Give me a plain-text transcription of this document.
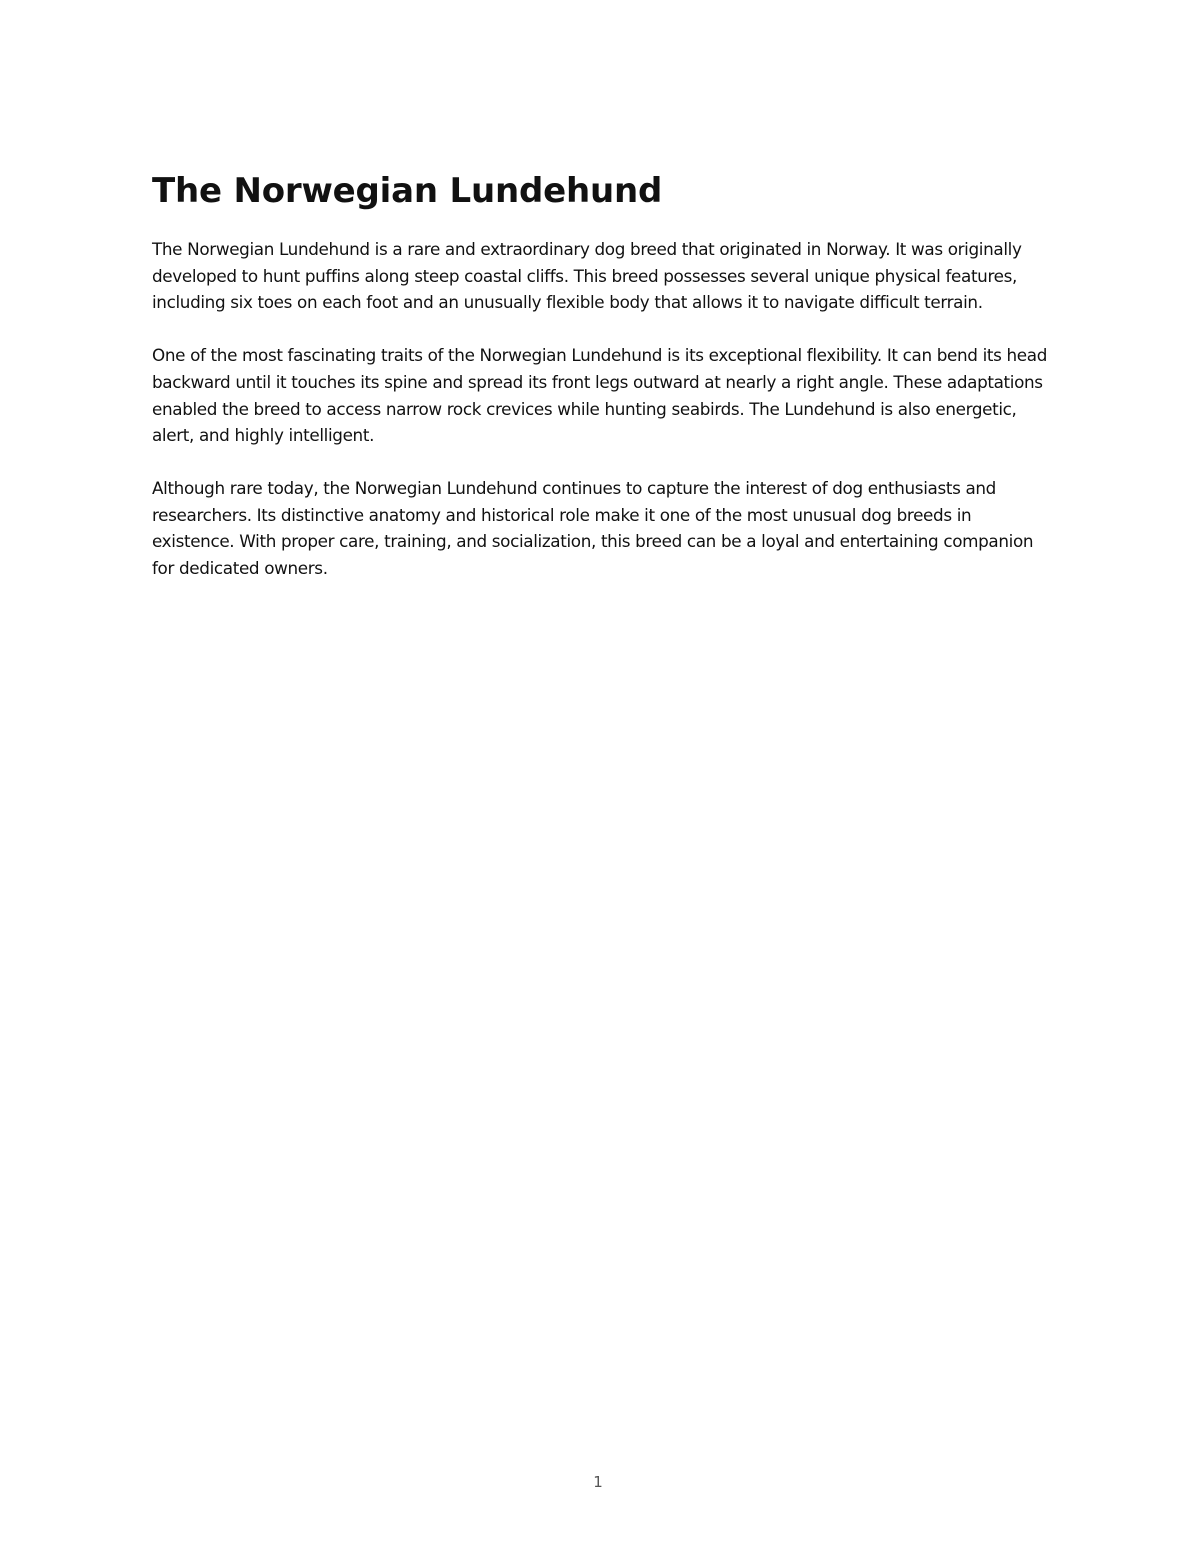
The Norwegian Lundehund

The Norwegian Lundehund is a rare and extraordinary dog breed that originated in Norway. It was originally developed to hunt puffins along steep coastal cliffs. This breed possesses several unique physical features, including six toes on each foot and an unusually flexible body that allows it to navigate difficult terrain.

One of the most fascinating traits of the Norwegian Lundehund is its exceptional flexibility. It can bend its head backward until it touches its spine and spread its front legs outward at nearly a right angle. These adaptations enabled the breed to access narrow rock crevices while hunting seabirds. The Lundehund is also energetic, alert, and highly intelligent.

Although rare today, the Norwegian Lundehund continues to capture the interest of dog enthusiasts and researchers. Its distinctive anatomy and historical role make it one of the most unusual dog breeds in existence. With proper care, training, and socialization, this breed can be a loyal and entertaining companion for dedicated owners.

1
